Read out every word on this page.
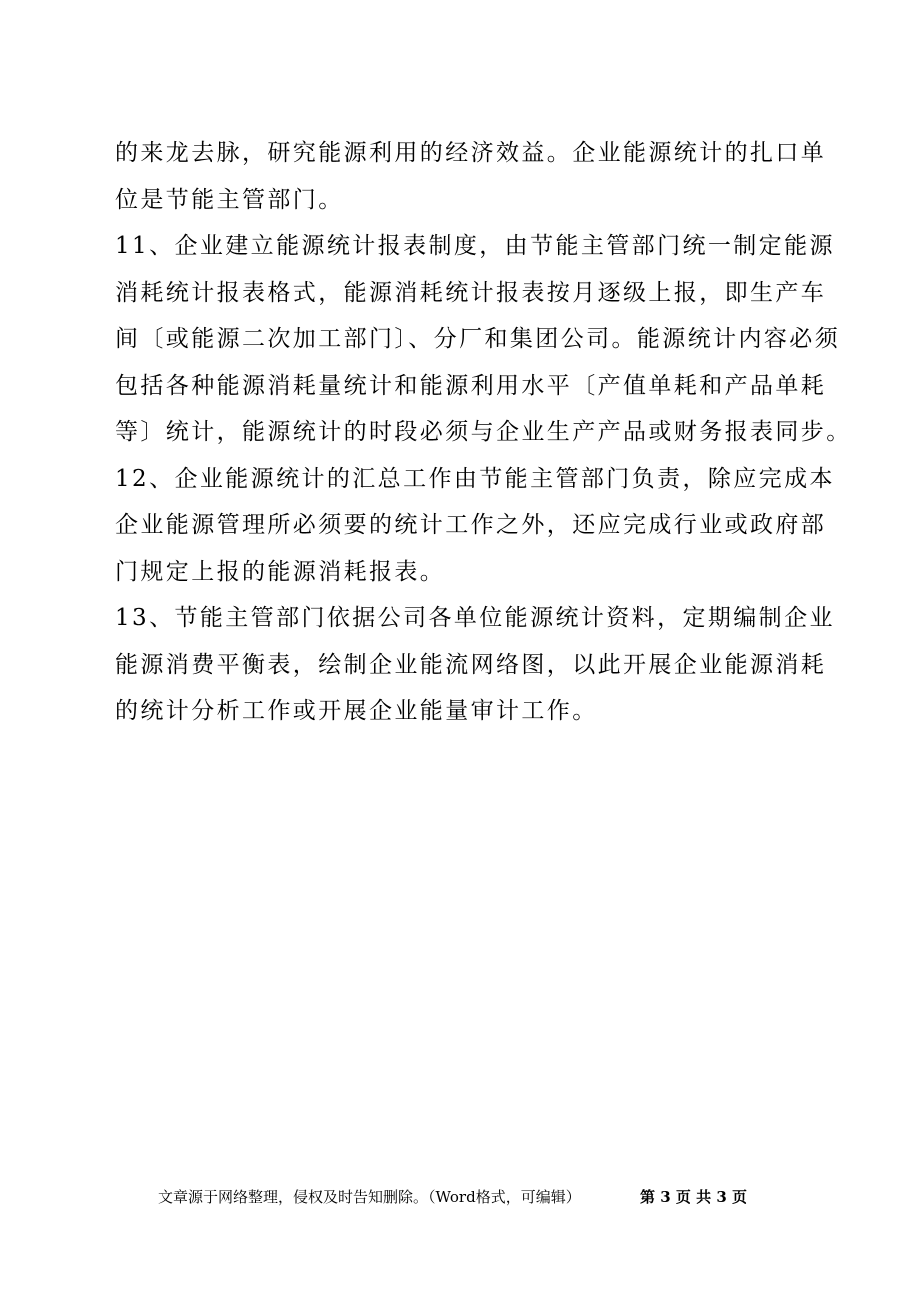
的来龙去脉，研究能源利用的经济效益。企业能源统计的扎口单
位是节能主管部门。
11、企业建立能源统计报表制度，由节能主管部门统一制定能源
消耗统计报表格式，能源消耗统计报表按月逐级上报，即生产车
间〔或能源二次加工部门〕、分厂和集团公司。能源统计内容必须
包括各种能源消耗量统计和能源利用水平〔产值单耗和产品单耗
等〕统计，能源统计的时段必须与企业生产产品或财务报表同步。
12、企业能源统计的汇总工作由节能主管部门负责，除应完成本
企业能源管理所必须要的统计工作之外，还应完成行业或政府部
门规定上报的能源消耗报表。
13、节能主管部门依据公司各单位能源统计资料，定期编制企业
能源消费平衡表，绘制企业能流网络图，以此开展企业能源消耗
的统计分析工作或开展企业能量审计工作。
文章源于网络整理，侵权及时告知删除。（Word格式，可编辑）	第 3 页 共 3 页
